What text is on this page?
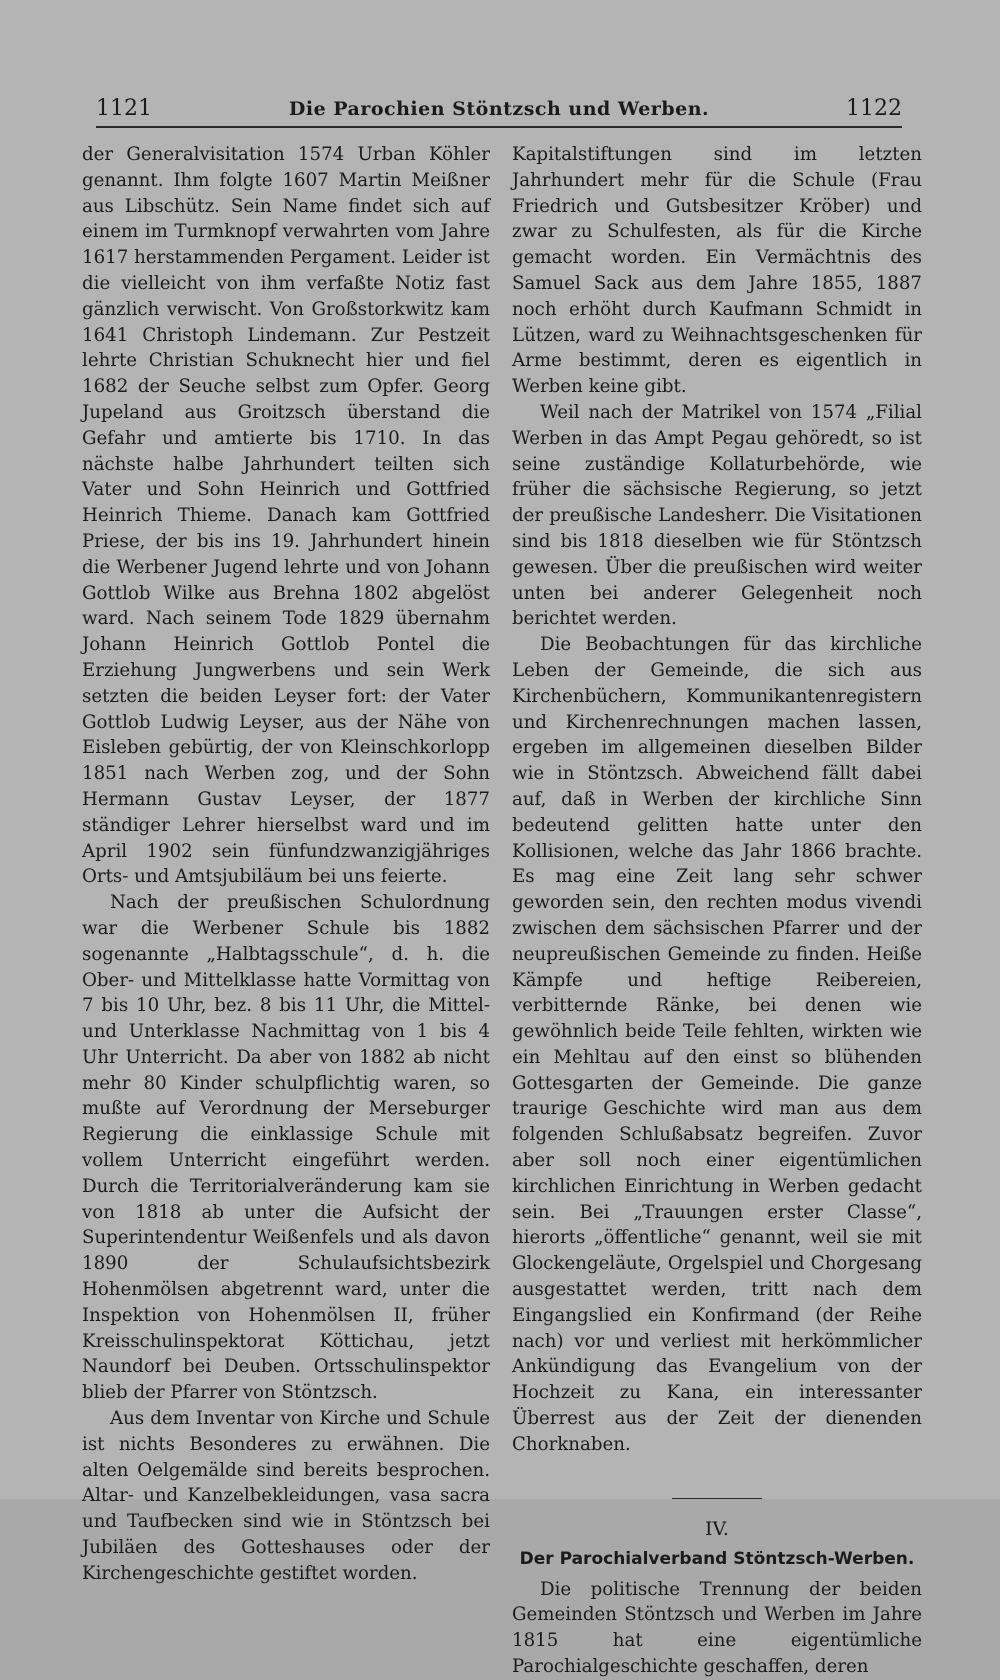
1121	Die Parochien Stöntzsch und Werben.	1122

der Generalvisitation 1574 Urban Köhler genannt. Ihm folgte 1607 Martin Meißner aus Libschütz. Sein Name findet sich auf einem im Turmknopf verwahrten vom Jahre 1617 herstammenden Pergament. Leider ist die vielleicht von ihm verfaßte Notiz fast gänzlich verwischt. Von Großstorkwitz kam 1641 Christoph Lindemann. Zur Pestzeit lehrte Christian Schuknecht hier und fiel 1682 der Seuche selbst zum Opfer. Georg Jupeland aus Groitzsch überstand die Gefahr und amtierte bis 1710. In das nächste halbe Jahrhundert teilten sich Vater und Sohn Heinrich und Gottfried Heinrich Thieme. Danach kam Gottfried Priese, der bis ins 19. Jahrhundert hinein die Werbener Jugend lehrte und von Johann Gottlob Wilke aus Brehna 1802 abgelöst ward. Nach seinem Tode 1829 übernahm Johann Heinrich Gottlob Pontel die Erziehung Jungwerbens und sein Werk setzten die beiden Leyser fort: der Vater Gottlob Ludwig Leyser, aus der Nähe von Eisleben gebürtig, der von Kleinschkorlopp 1851 nach Werben zog, und der Sohn Hermann Gustav Leyser, der 1877 ständiger Lehrer hierselbst ward und im April 1902 sein fünfundzwanzigjähriges Orts- und Amtsjubiläum bei uns feierte.

Nach der preußischen Schulordnung war die Werbener Schule bis 1882 sogenannte „Halbtagsschule“, d. h. die Ober- und Mittelklasse hatte Vormittag von 7 bis 10 Uhr, bez. 8 bis 11 Uhr, die Mittel- und Unterklasse Nachmittag von 1 bis 4 Uhr Unterricht. Da aber von 1882 ab nicht mehr 80 Kinder schulpflichtig waren, so mußte auf Verordnung der Merseburger Regierung die einklassige Schule mit vollem Unterricht eingeführt werden. Durch die Territorialveränderung kam sie von 1818 ab unter die Aufsicht der Superintendentur Weißenfels und als davon 1890 der Schulaufsichtsbezirk Hohenmölsen abgetrennt ward, unter die Inspektion von Hohenmölsen II, früher Kreisschulinspektorat Köttichau, jetzt Naundorf bei Deuben. Ortsschulinspektor blieb der Pfarrer von Stöntzsch.

Aus dem Inventar von Kirche und Schule ist nichts Besonderes zu erwähnen. Die alten Oelgemälde sind bereits besprochen. Altar- und Kanzelbekleidungen, vasa sacra und Taufbecken sind wie in Stöntzsch bei Jubiläen des Gotteshauses oder der Kirchengeschichte gestiftet worden.

Kapitalstiftungen sind im letzten Jahrhundert mehr für die Schule (Frau Friedrich und Gutsbesitzer Kröber) und zwar zu Schulfesten, als für die Kirche gemacht worden. Ein Vermächtnis des Samuel Sack aus dem Jahre 1855, 1887 noch erhöht durch Kaufmann Schmidt in Lützen, ward zu Weihnachtsgeschenken für Arme bestimmt, deren es eigentlich in Werben keine gibt.

Weil nach der Matrikel von 1574 „Filial Werben in das Ampt Pegau gehöredt, so ist seine zuständige Kollaturbehörde, wie früher die sächsische Regierung, so jetzt der preußische Landesherr. Die Visitationen sind bis 1818 dieselben wie für Stöntzsch gewesen. Über die preußischen wird weiter unten bei anderer Gelegenheit noch berichtet werden.

Die Beobachtungen für das kirchliche Leben der Gemeinde, die sich aus Kirchenbüchern, Kommunikantenregistern und Kirchenrechnungen machen lassen, ergeben im allgemeinen dieselben Bilder wie in Stöntzsch. Abweichend fällt dabei auf, daß in Werben der kirchliche Sinn bedeutend gelitten hatte unter den Kollisionen, welche das Jahr 1866 brachte. Es mag eine Zeit lang sehr schwer geworden sein, den rechten modus vivendi zwischen dem sächsischen Pfarrer und der neupreußischen Gemeinde zu finden. Heiße Kämpfe und heftige Reibereien, verbitternde Ränke, bei denen wie gewöhnlich beide Teile fehlten, wirkten wie ein Mehltau auf den einst so blühenden Gottesgarten der Gemeinde. Die ganze traurige Geschichte wird man aus dem folgenden Schlußabsatz begreifen. Zuvor aber soll noch einer eigentümlichen kirchlichen Einrichtung in Werben gedacht sein. Bei „Trauungen erster Classe“, hierorts „öffentliche“ genannt, weil sie mit Glockengeläute, Orgelspiel und Chorgesang ausgestattet werden, tritt nach dem Eingangslied ein Konfirmand (der Reihe nach) vor und verliest mit herkömmlicher Ankündigung das Evangelium von der Hochzeit zu Kana, ein interessanter Überrest aus der Zeit der dienenden Chorknaben.

IV.
Der Parochialverband Stöntzsch-Werben.

Die politische Trennung der beiden Gemeinden Stöntzsch und Werben im Jahre 1815 hat eine eigentümliche Parochialgeschichte geschaffen, deren
